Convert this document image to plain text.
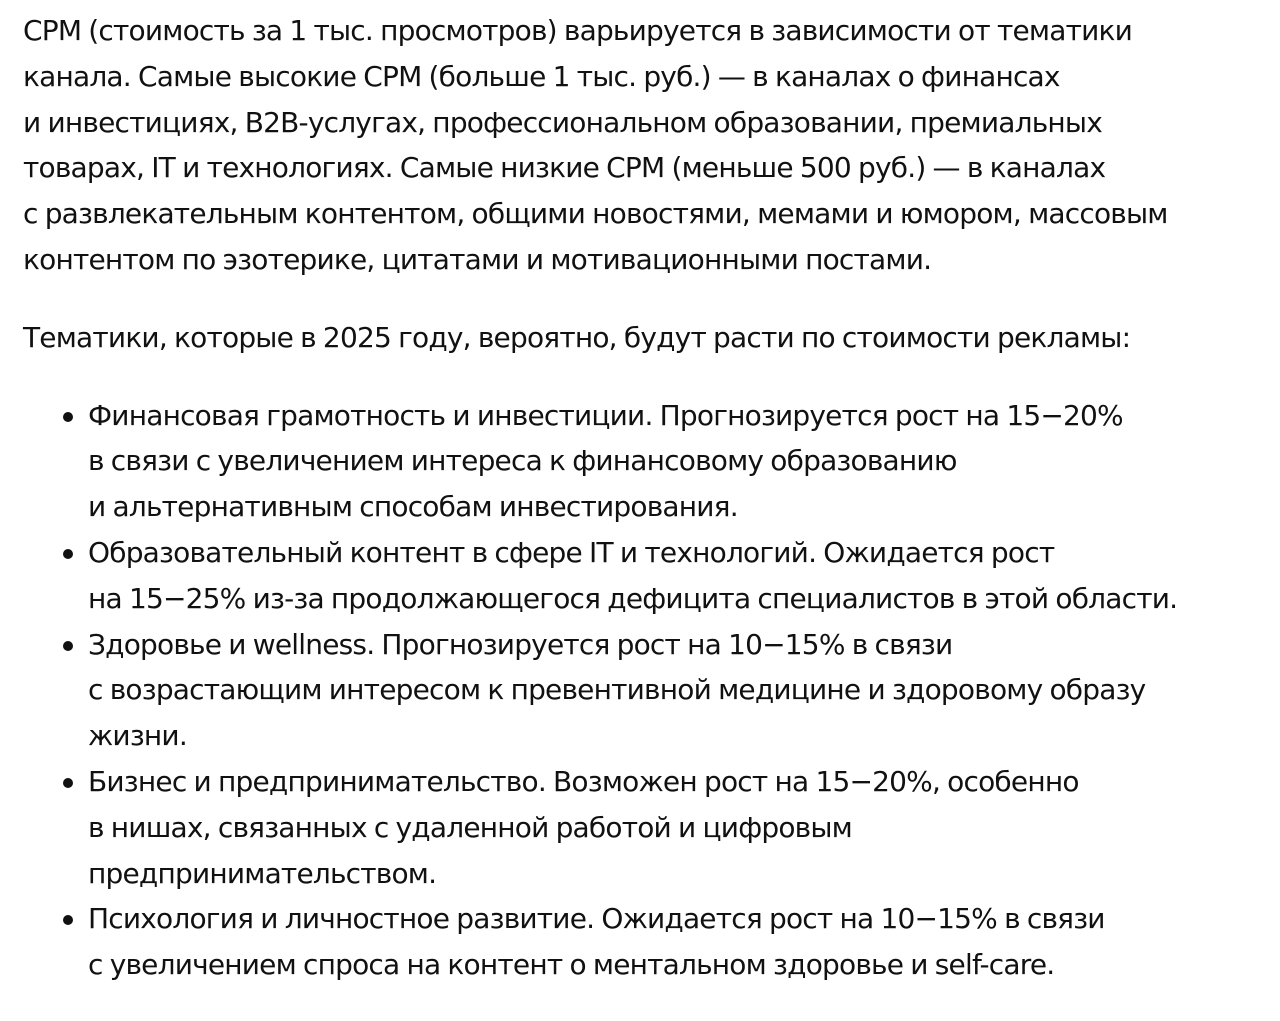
CPM (стоимость за 1 тыс. просмотров) варьируется в зависимости от тематики
канала. Самые высокие CPM (больше 1 тыс. руб.) — в каналах о финансах
и инвестициях, B2B-услугах, профессиональном образовании, премиальных
товарах, IT и технологиях. Самые низкие CPM (меньше 500 руб.) — в каналах
с развлекательным контентом, общими новостями, мемами и юмором, массовым
контентом по эзотерике, цитатами и мотивационными постами.

Тематики, которые в 2025 году, вероятно, будут расти по стоимости рекламы:

Финансовая грамотность и инвестиции. Прогнозируется рост на 15−20%
в связи с увеличением интереса к финансовому образованию
и альтернативным способам инвестирования.
Образовательный контент в сфере IT и технологий. Ожидается рост
на 15−25% из-за продолжающегося дефицита специалистов в этой области.
Здоровье и wellness. Прогнозируется рост на 10−15% в связи
с возрастающим интересом к превентивной медицине и здоровому образу
жизни.
Бизнес и предпринимательство. Возможен рост на 15−20%, особенно
в нишах, связанных с удаленной работой и цифровым
предпринимательством.
Психология и личностное развитие. Ожидается рост на 10−15% в связи
с увеличением спроса на контент о ментальном здоровье и self-care.
